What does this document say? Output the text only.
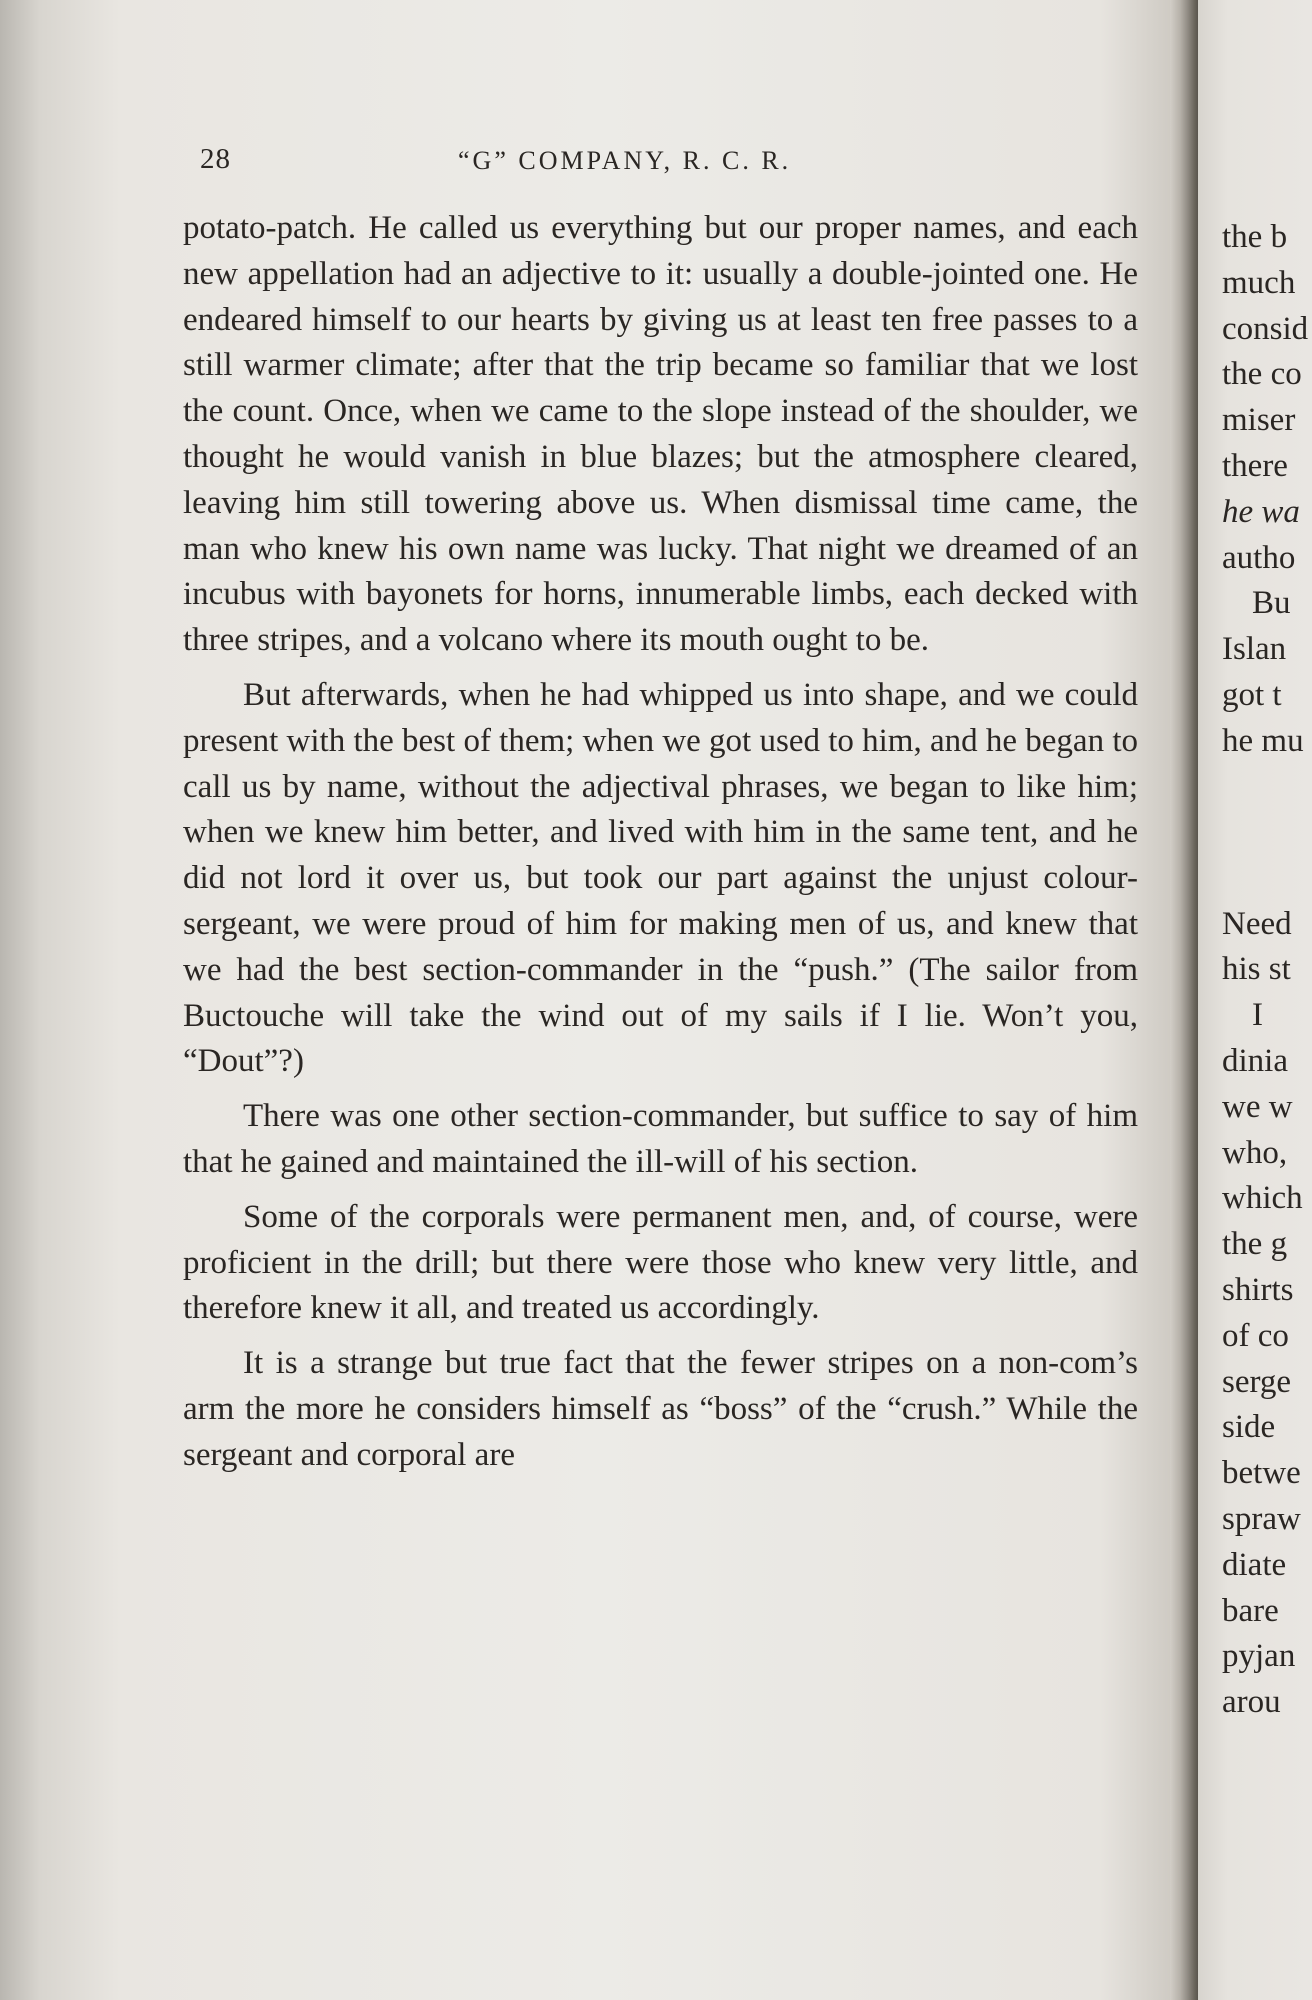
28	“G” COMPANY, R. C. R.

potato-patch. He called us everything but our proper names, and each new appellation had an adjective to it: usually a double-jointed one. He endeared himself to our hearts by giving us at least ten free passes to a still warmer climate; after that the trip became so familiar that we lost the count. Once, when we came to the slope instead of the shoulder, we thought he would vanish in blue blazes; but the atmosphere cleared, leaving him still towering above us. When dismissal time came, the man who knew his own name was lucky. That night we dreamed of an incubus with bayonets for horns, innumerable limbs, each decked with three stripes, and a volcano where its mouth ought to be.

But afterwards, when he had whipped us into shape, and we could present with the best of them; when we got used to him, and he began to call us by name, without the adjectival phrases, we began to like him; when we knew him better, and lived with him in the same tent, and he did not lord it over us, but took our part against the unjust colour-sergeant, we were proud of him for making men of us, and knew that we had the best section-commander in the “push.” (The sailor from Buctouche will take the wind out of my sails if I lie. Won’t you, “Dout”?)

There was one other section-commander, but suffice to say of him that he gained and maintained the ill-will of his section.

Some of the corporals were permanent men, and, of course, were proficient in the drill; but there were those who knew very little, and therefore knew it all, and treated us accordingly.

It is a strange but true fact that the fewer stripes on a non-com’s arm the more he considers himself as “boss” of the “crush.” While the sergeant and corporal are

the b
much
consid
the co
miser
there
he wa
autho
Bu
Islan
got t
he mu
Need
his st
I
dinia
we w
who,
which
the g
shirts
of co
serge
side
betwe
spraw
diate
bare
pyjan
arou
